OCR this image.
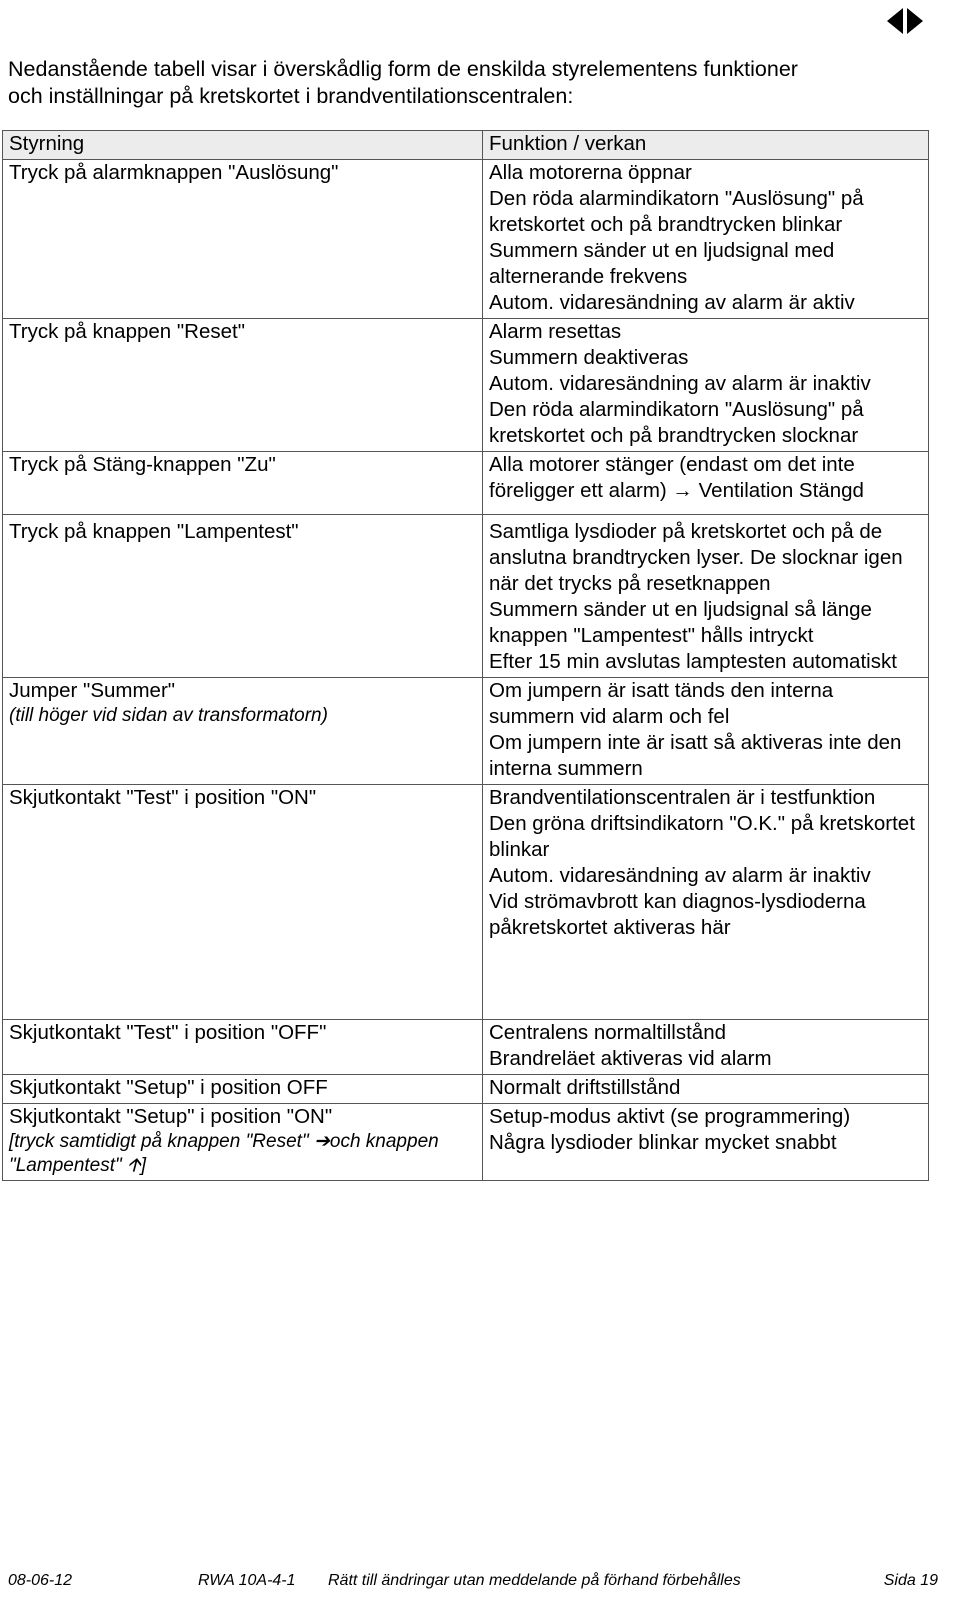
Nedanstående tabell visar i överskådlig form de enskilda styrelementens funktioner
och inställningar på kretskortet i brandventilationscentralen:
Styrning	Funktion / verkan

Tryck på alarmknappen "Auslösung"	Alla motorerna öppnar
Den röda alarmindikatorn "Auslösung" på kretskortet och på brandtrycken blinkar
Summern sänder ut en ljudsignal med alternerande frekvens
Autom. vidaresändning av alarm är aktiv

Tryck på knappen "Reset"	Alarm resettas
Summern deaktiveras
Autom. vidaresändning av alarm är inaktiv
Den röda alarmindikatorn "Auslösung" på kretskortet och på brandtrycken slocknar

Tryck på Stäng-knappen "Zu"	Alla motorer stänger (endast om det inte föreligger ett alarm) → Ventilation Stängd

Tryck på knappen "Lampentest"	Samtliga lysdioder på kretskortet och på de anslutna brandtrycken lyser. De slocknar igen när det trycks på resetknappen
Summern sänder ut en ljudsignal så länge knappen "Lampentest" hålls intryckt
Efter 15 min avslutas lamptesten automatiskt

Jumper "Summer"
(till höger vid sidan av transformatorn)	Om jumpern är isatt tänds den interna summern vid alarm och fel
Om jumpern inte är isatt så aktiveras inte den interna summern

Skjutkontakt "Test" i position "ON"	Brandventilationscentralen är i testfunktion
Den gröna driftsindikatorn "O.K." på kretskortet blinkar
Autom. vidaresändning av alarm är inaktiv
Vid strömavbrott kan diagnos-lysdioderna påkretskortet aktiveras här

Skjutkontakt "Test" i position "OFF"	Centralens normaltillstånd
Brandreläet aktiveras vid alarm

Skjutkontakt "Setup" i position OFF	Normalt driftstillstånd

Skjutkontakt "Setup" i position "ON"
[tryck samtidigt på knappen "Reset" ➔och knappen "Lampentest" 🡩]	Setup-modus aktivt (se programmering)
Några lysdioder blinkar mycket snabbt
08-06-12	RWA 10A-4-1 Rätt till ändringar utan meddelande på förhand förbehålles	Sida 19
